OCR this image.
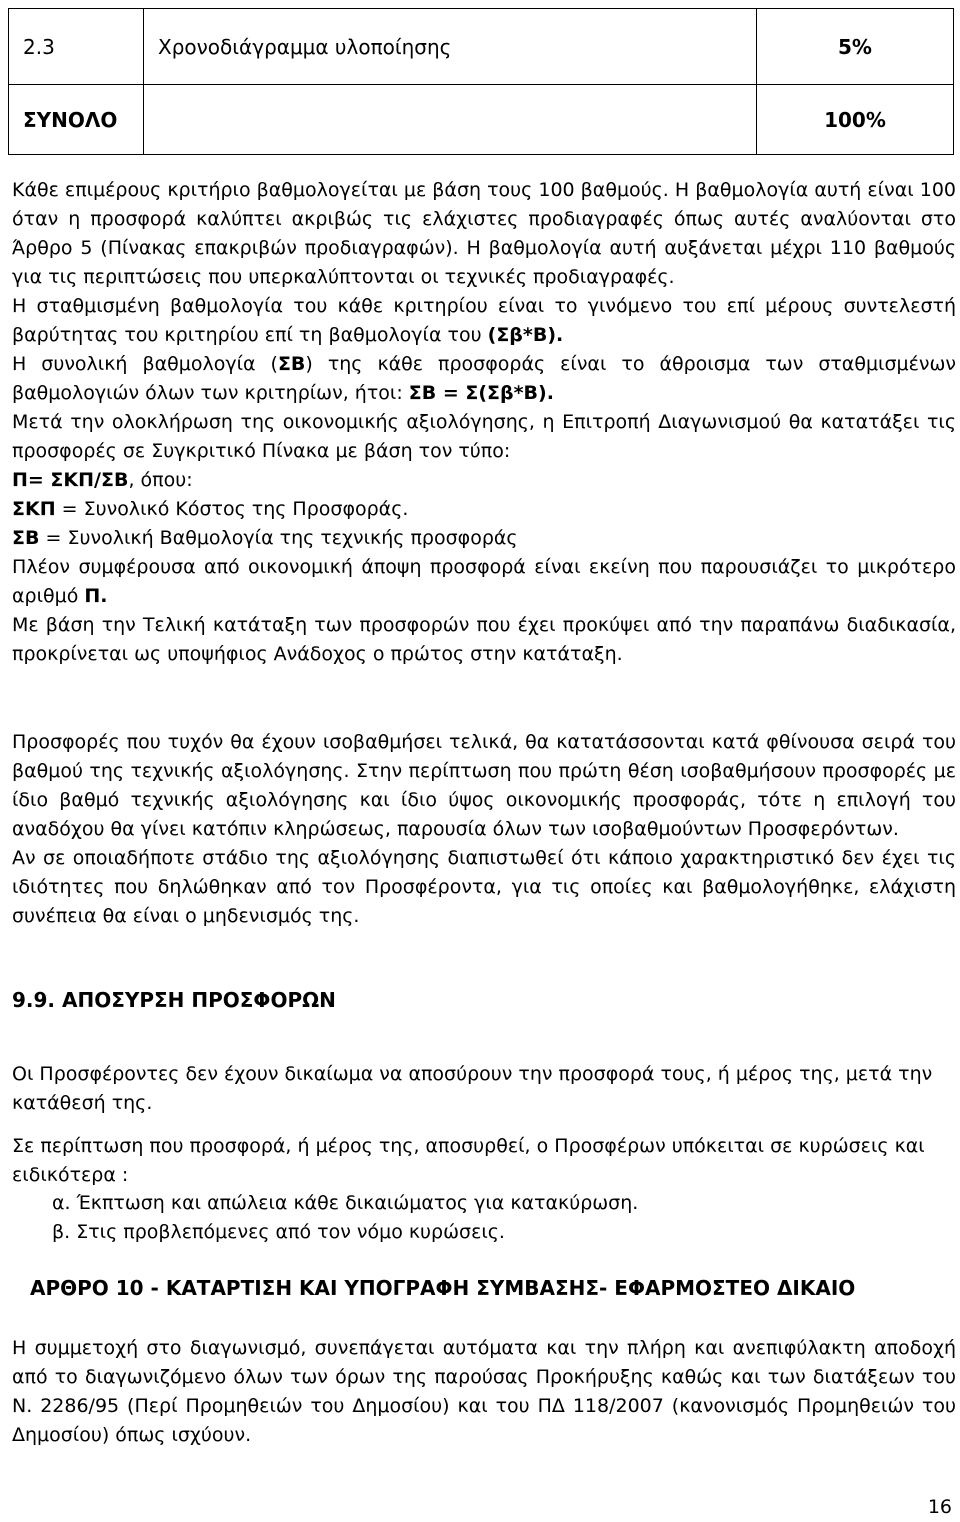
2.3	Χρονοδιάγραμμα υλοποίησης	5%
ΣΥΝΟΛΟ		100%

Κάθε επιμέρους κριτήριο βαθμολογείται με βάση τους 100 βαθμούς. Η βαθμολογία αυτή είναι 100 όταν η προσφορά καλύπτει ακριβώς τις ελάχιστες προδιαγραφές όπως αυτές αναλύονται στο Άρθρο 5 (Πίνακας επακριβών προδιαγραφών). Η βαθμολογία αυτή αυξάνεται μέχρι 110 βαθμούς για τις περιπτώσεις που υπερκαλύπτονται οι τεχνικές προδιαγραφές.

Η σταθμισμένη βαθμολογία του κάθε κριτηρίου είναι το γινόμενο του επί μέρους συντελεστή βαρύτητας του κριτηρίου επί τη βαθμολογία του (Σβ*Β).

Η συνολική βαθμολογία (ΣΒ) της κάθε προσφοράς είναι το άθροισμα των σταθμισμένων βαθμολογιών όλων των κριτηρίων, ήτοι: ΣΒ = Σ(Σβ*Β).

Μετά την ολοκλήρωση της οικονομικής αξιολόγησης, η Επιτροπή Διαγωνισμού θα κατατάξει τις προσφορές σε Συγκριτικό Πίνακα με βάση τον τύπο:

Π= ΣΚΠ/ΣΒ, όπου:

ΣΚΠ = Συνολικό Κόστος της Προσφοράς.

ΣΒ = Συνολική Βαθμολογία της τεχνικής προσφοράς

Πλέον συμφέρουσα από οικονομική άποψη προσφορά είναι εκείνη που παρουσιάζει το μικρότερο αριθμό Π.

Με βάση την Τελική κατάταξη των προσφορών που έχει προκύψει από την παραπάνω διαδικασία, προκρίνεται ως υποψήφιος Ανάδοχος ο πρώτος στην κατάταξη.

Προσφορές που τυχόν θα έχουν ισοβαθμήσει τελικά, θα κατατάσσονται κατά φθίνουσα σειρά του βαθμού της τεχνικής αξιολόγησης. Στην περίπτωση που πρώτη θέση ισοβαθμήσουν προσφορές με ίδιο βαθμό τεχνικής αξιολόγησης και ίδιο ύψος οικονομικής προσφοράς, τότε η επιλογή του αναδόχου θα γίνει κατόπιν κληρώσεως, παρουσία όλων των ισοβαθμούντων Προσφερόντων.

Αν σε οποιαδήποτε στάδιο της αξιολόγησης διαπιστωθεί ότι κάποιο χαρακτηριστικό δεν έχει τις ιδιότητες που δηλώθηκαν από τον Προσφέροντα, για τις οποίες και βαθμολογήθηκε, ελάχιστη συνέπεια θα είναι ο μηδενισμός της.

9.9. ΑΠΟΣΥΡΣΗ ΠΡΟΣΦΟΡΩΝ

Οι Προσφέροντες δεν έχουν δικαίωμα να αποσύρουν την προσφορά τους, ή μέρος της, μετά την κατάθεσή της.

Σε περίπτωση που προσφορά, ή μέρος της, αποσυρθεί, ο Προσφέρων υπόκειται σε κυρώσεις και ειδικότερα :

α. Έκπτωση και απώλεια κάθε δικαιώματος για κατακύρωση.

β. Στις προβλεπόμενες από τον νόμο κυρώσεις.

ΑΡΘΡΟ 10 - ΚΑΤΑΡΤΙΣΗ ΚΑΙ ΥΠΟΓΡΑΦΗ ΣΥΜΒΑΣΗΣ- ΕΦΑΡΜΟΣΤΕΟ ΔΙΚΑΙΟ

Η συμμετοχή στο διαγωνισμό, συνεπάγεται αυτόματα και την πλήρη και ανεπιφύλακτη αποδοχή από το διαγωνιζόμενο όλων των όρων της παρούσας Προκήρυξης καθώς και των διατάξεων του Ν. 2286/95 (Περί Προμηθειών του Δημοσίου) και του ΠΔ 118/2007 (κανονισμός Προμηθειών του Δημοσίου) όπως ισχύουν.

16
